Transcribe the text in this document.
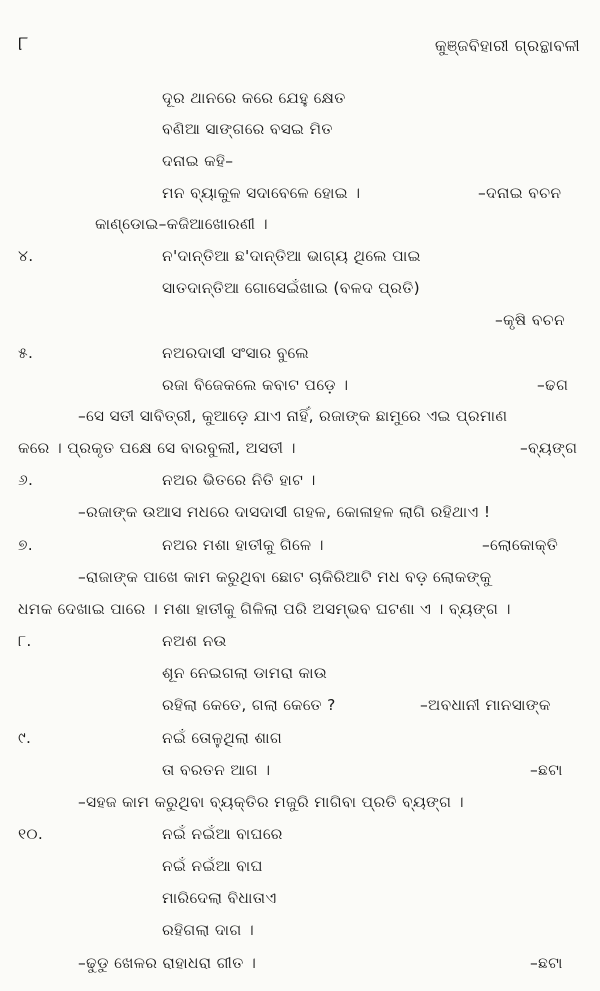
୮	କୁଞ୍ଜବିହାରୀ ଗ୍ରନ୍ଥାବଳୀ
ଦୂର ଥାନରେ କରେ ଯେହୁ କ୍ଷେତ
ବଣିଆ ସାଙ୍ଗରେ ବସଇ ମିତ
ଦନାଇ କହି–
ମନ ବ୍ୟାକୁଳ ସଦାବେଳେ ହୋଇ ।	–ଦନାଇ ବଚନ
କାଣ୍ଡୋଇ–କଜିଆଖୋରଣୀ ।
୪.	ନ'ଦାନ୍ତିଆ ଛ'ଦାନ୍ତିଆ ଭାଗ୍ୟ ଥିଲେ ପାଇ
ସାତଦାନ୍ତିଆ ଗୋସେଇଁଖାଇ (ବଳଦ ପ୍ରତି)
–କୃଷି ବଚନ
୫.	ନଅରଦାସୀ ସଂସାର ବୁଲେ
ରଜା ବିଜେକଲେ କବାଟ ପଡ଼େ ।	–ଢଗ
–ସେ ସତୀ ସାବିତ୍ରୀ, କୁଆଡ଼େ ଯାଏ ନାହିଁ, ରଜାଙ୍କ ଛାମୁରେ ଏଇ ପ୍ରମାଣ
କରେ । ପ୍ରକୃତ ପକ୍ଷେ ସେ ବାରବୁଲୀ, ଅସତୀ ।	–ବ୍ୟଙ୍ଗ
୬.	ନଅର ଭିତରେ ନିତି ହାଟ ।
–ରଜାଙ୍କ ଉଆସ ମଧରେ ଦାସଦାସୀ ଗହଳ, କୋଳାହଳ ଲାଗି ରହିଥାଏ !
୭.	ନଅର ମଶା ହାତୀକୁ ଗିଳେ ।	–ଲୋକୋକ୍ତି
–ରାଜାଙ୍କ ପାଖେ କାମ କରୁଥିବା ଛୋଟ ଚାକିରିଆଟି ମଧ ବଡ଼ ଲୋକଙ୍କୁ
ଧମକ ଦେଖାଇ ପାରେ । ମଶା ହାତୀକୁ ଗିଳିଲା ପରି ଅସମ୍ଭବ ଘଟଣା ଏ । ବ୍ୟଙ୍ଗ ।
୮.	ନଅଶ ନଉ
ଶୂନ ନେଇଗଲା ଡାମରା କାଉ
ରହିଲା କେତେ, ଗଲା କେତେ ?	–ଅବଧାନୀ ମାନସାଙ୍କ
୯.	ନଇଁ ତୋଳୁଥିଲା ଶାଗ
ତା ବରତନ ଆଗ ।	–ଛଟା
–ସହଜ କାମ କରୁଥିବା ବ୍ୟକ୍ତିର ମଜୁରି ମାଗିବା ପ୍ରତି ବ୍ୟଙ୍ଗ ।
୧୦.	ନଇଁ ନଇଁଆ ବାଘରେ
ନଇଁ ନଇଁଆ ବାଘ
ମାରିଦେଲା ବିଧାତାଏ
ରହିଗଲା ଦାଗ ।
–ଢୁଡୁ ଖେଳର ରାହାଧରା ଗୀତ ।	–ଛଟା
